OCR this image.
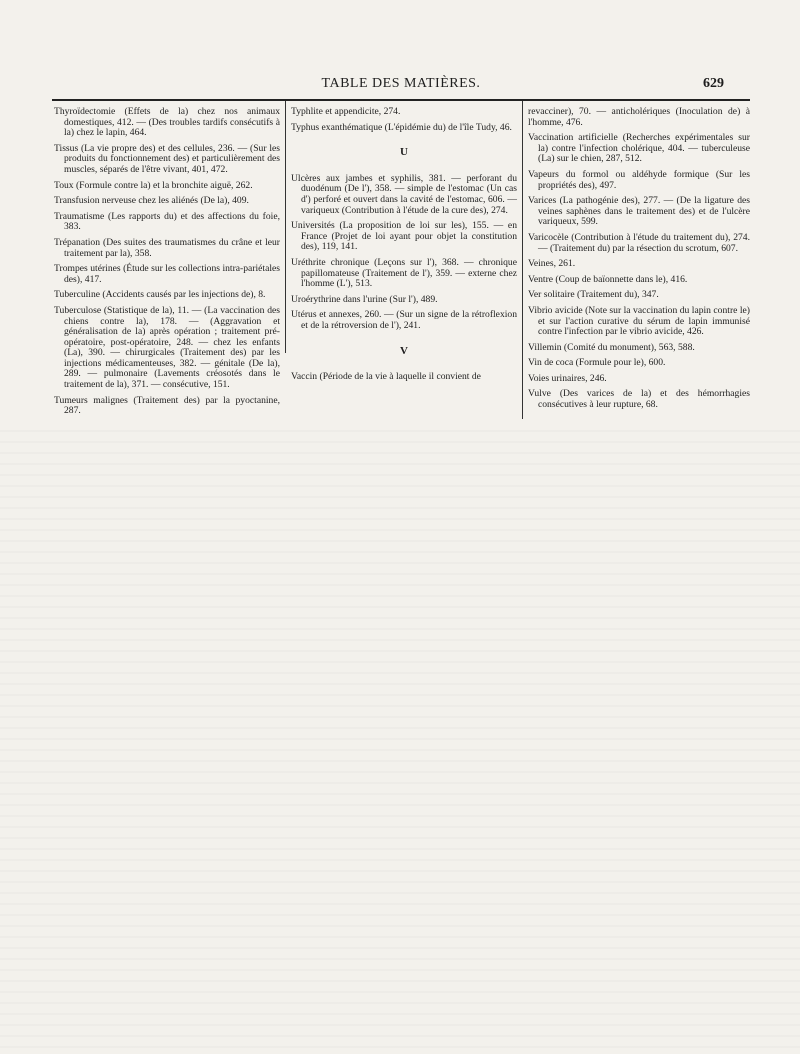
TABLE DES MATIÈRES.	629

Thyroïdectomie (Effets de la) chez nos animaux domestiques, 412. — (Des troubles tardifs consécutifs à la) chez le lapin, 464.

Tissus (La vie propre des) et des cellules, 236. — (Sur les produits du fonctionnement des) et particulièrement des muscles, séparés de l'être vivant, 401, 472.

Toux (Formule contre la) et la bronchite aiguë, 262.

Transfusion nerveuse chez les aliénés (De la), 409.

Traumatisme (Les rapports du) et des affections du foie, 383.

Trépanation (Des suites des traumatismes du crâne et leur traitement par la), 358.

Trompes utérines (Étude sur les collections intra-pariétales des), 417.

Tuberculine (Accidents causés par les injections de), 8.

Tuberculose (Statistique de la), 11. — (La vaccination des chiens contre la), 178. — (Aggravation et généralisation de la) après opération ; traitement pré-opératoire, post-opératoire, 248. — chez les enfants (La), 390. — chirurgicales (Traitement des) par les injections médicamenteuses, 382. — génitale (De la), 289. — pulmonaire (Lavements créosotés dans le traitement de la), 371. — consécutive, 151.

Tumeurs malignes (Traitement des) par la pyoctanine, 287.

Typhlite et appendicite, 274.

Typhus exanthématique (L'épidémie du) de l'île Tudy, 46.

U

Ulcères aux jambes et syphilis, 381. — perforant du duodénum (De l'), 358. — simple de l'estomac (Un cas d') perforé et ouvert dans la cavité de l'estomac, 606. — variqueux (Contribution à l'étude de la cure des), 274.

Universités (La proposition de loi sur les), 155. — en France (Projet de loi ayant pour objet la constitution des), 119, 141.

Uréthrite chronique (Leçons sur l'), 368. — chronique papillomateuse (Traitement de l'), 359. — externe chez l'homme (L'), 513.

Uroérythrine dans l'urine (Sur l'), 489.

Utérus et annexes, 260. — (Sur un signe de la rétroflexion et de la rétroversion de l'), 241.

V

Vaccin (Période de la vie à laquelle il convient de

revacciner), 70. — anticholériques (Inoculation de) à l'homme, 476.

Vaccination artificielle (Recherches expérimentales sur la) contre l'infection cholérique, 404. — tuberculeuse (La) sur le chien, 287, 512.

Vapeurs du formol ou aldéhyde formique (Sur les propriétés des), 497.

Varices (La pathogénie des), 277. — (De la ligature des veines saphènes dans le traitement des) et de l'ulcère variqueux, 599.

Varicocèle (Contribution à l'étude du traitement du), 274. — (Traitement du) par la résection du scrotum, 607.

Veines, 261.

Ventre (Coup de baïonnette dans le), 416.

Ver solitaire (Traitement du), 347.

Vibrio avicide (Note sur la vaccination du lapin contre le) et sur l'action curative du sérum de lapin immunisé contre l'infection par le vibrio avicide, 426.

Villemin (Comité du monument), 563, 588.

Vin de coca (Formule pour le), 600.

Voies urinaires, 246.

Vulve (Des varices de la) et des hémorrhagies consécutives à leur rupture, 68.
